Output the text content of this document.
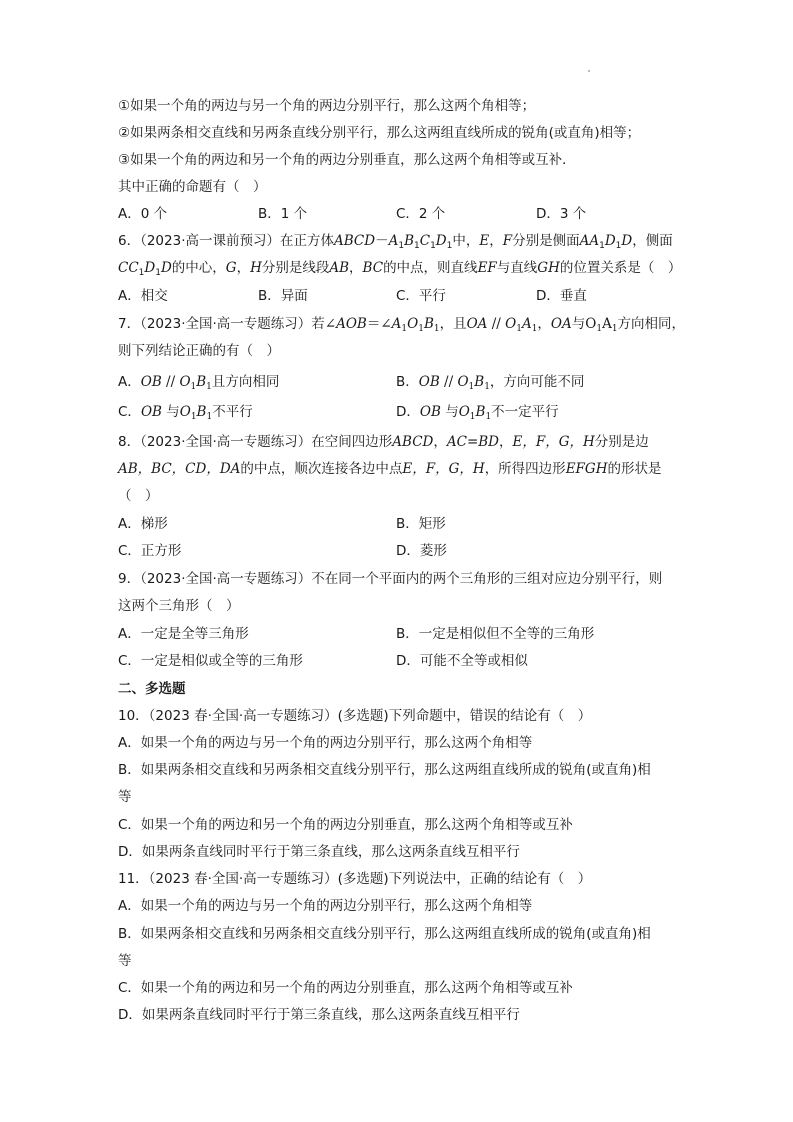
①如果一个角的两边与另一个角的两边分别平行，那么这两个角相等；
②如果两条相交直线和另两条直线分别平行，那么这两组直线所成的锐角(或直角)相等；
③如果一个角的两边和另一个角的两边分别垂直，那么这两个角相等或互补．
其中正确的命题有（　）
A．0 个	B．1 个	C．2 个	D．3 个
6．（2023·高一课前预习）在正方体$ABCD-A_1B_1C_1D_1$中，E，F分别是侧面$AA_1D_1D$，侧面
$CC_1D_1D$的中心，G，H分别是线段AB，BC的中点，则直线EF与直线GH的位置关系是（　）
A．相交	B．异面	C．平行	D．垂直
7．（2023·全国·高一专题练习）若$\angle AOB=\angle A_1O_1B_1$，且OA // $O_1A_1$，OA与$O_1A_1$方向相同，
则下列结论正确的有（　）
A．OB // $O_1B_1$且方向相同	B．OB // $O_1B_1$，方向可能不同
C．OB 与$O_1B_1$不平行	D．OB 与$O_1B_1$不一定平行
8．（2023·全国·高一专题练习）在空间四边形ABCD，AC=BD，E，F，G，H分别是边
AB，BC，CD，DA的中点，顺次连接各边中点E，F，G，H，所得四边形EFGH的形状是
（　）
A．梯形	B．矩形
C．正方形	D．菱形
9．（2023·全国·高一专题练习）不在同一个平面内的两个三角形的三组对应边分别平行，则
这两个三角形（　）
A．一定是全等三角形	B．一定是相似但不全等的三角形
C．一定是相似或全等的三角形	D．可能不全等或相似
二、多选题
10．（2023 春·全国·高一专题练习）(多选题)下列命题中，错误的结论有（　）
A．如果一个角的两边与另一个角的两边分别平行，那么这两个角相等
B．如果两条相交直线和另两条相交直线分别平行，那么这两组直线所成的锐角(或直角)相
等
C．如果一个角的两边和另一个角的两边分别垂直，那么这两个角相等或互补
D．如果两条直线同时平行于第三条直线，那么这两条直线互相平行
11．（2023 春·全国·高一专题练习）(多选题)下列说法中，正确的结论有（　）
A．如果一个角的两边与另一个角的两边分别平行，那么这两个角相等
B．如果两条相交直线和另两条相交直线分别平行，那么这两组直线所成的锐角(或直角)相
等
C．如果一个角的两边和另一个角的两边分别垂直，那么这两个角相等或互补
D．如果两条直线同时平行于第三条直线，那么这两条直线互相平行
